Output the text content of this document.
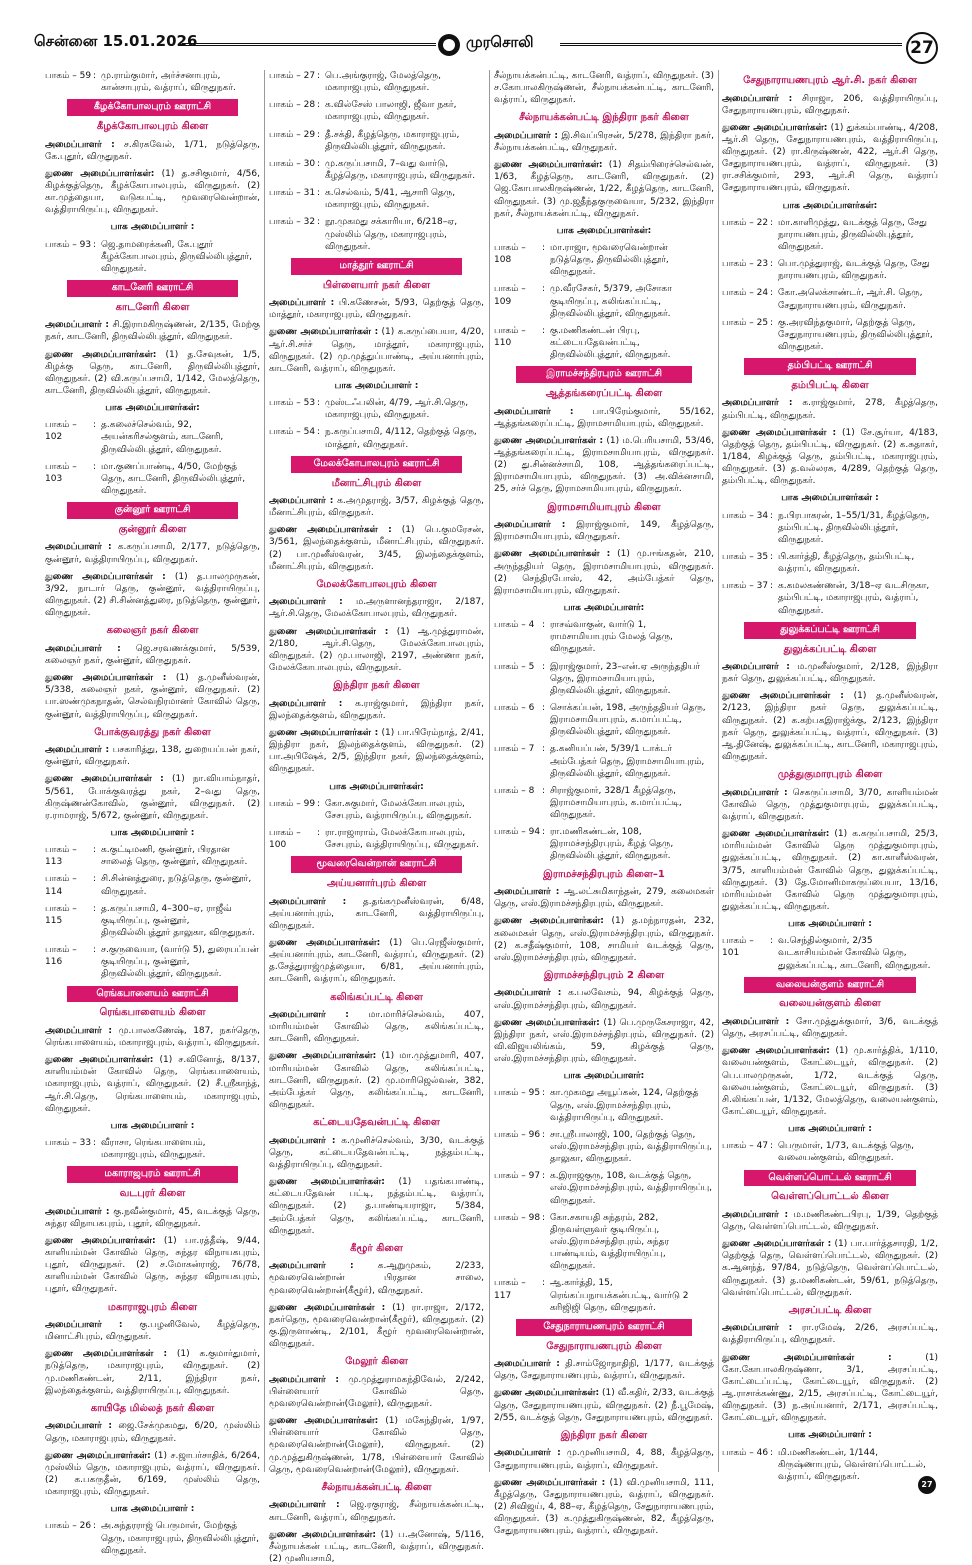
சென்னை 15.01.2026	முரசொலி	27
பாகம் – 59 : மு.ராம்குமார், அர்ச்சனாபுரம், கான்சாபுரம், வத்ராப், விருதுநகர்.
கீழக்கோபாலபுரம் ஊராட்சி
கீழக்கோபாலபுரம் கிளை
அமைப்பாளர் : ச.கிரகவேல், 1/71, நடுத்தெரு, கே.புதூர், விருதுநகர்.
துணை அமைப்பாளர்கள்: (1) த.சசிகுமார், 4/56, கிழக்குத்தெரு, கீழக்கோபாலபுரம், விருதுநகர். (2) கா.முத்தையா, வடுகபட்டி, மூவரைவென்றான், வத்திராயிருப்பு, விருதுநகர்.
பாக அமைப்பாளர் :
பாகம் – 93 : ஜெ.தாமரைக்கனி, கே.புதூர் கீழக்கோபாலபுரம், திருவில்லிபுத்தூர், விருதுநகர்.
காடனேரி ஊராட்சி
காடனேரி கிளை
அமைப்பாளர் : சி.இராமகிருஷ்ணன், 2/135, மேற்கு நகர், காடனேரி, திருவில்லிபுத்தூர், விருதுநகர்.
துணை அமைப்பாளர்கள்: (1) த.சேவுகன், 1/5, கிழக்கு தெரு, காடனேரி, திருவில்லிபுத்தூர், விருதுநகர். (2) வி.கருப்பசாமி, 1/142, மேலத்தெரு, காடனேரி, திருவில்லிபுத்தூர், விருதுநகர்.
பாக அமைப்பாளர்கள்:
பாகம் – 102
: த.கலைச்செல்வம், 92, அயன்கரிசல்குளம், காடனேரி, திருவில்லிபுத்தூர், விருதுநகர்.
பாகம் – 103
: மா.குணப்பாண்டி, 4/50, மேற்குத் தெரு, காடனேரி, திருவில்லிபுத்தூர், விருதுநகர்.
குன்னூர் ஊராட்சி
குன்னூர் கிளை
அமைப்பாளர் : க.கருப்பசாமி, 2/177, நடுத்தெரு, குன்னூர், வத்திராயிருப்பு, விருதுநகர்.
துணை அமைப்பாளர்கள் : (1) த.பாலமுருகன், 3/92, நாடார் தெரு, குன்னூர், வத்திராயிருப்பு, விருதுநகர். (2) சி.சின்னத்துரை, நடுத்தெரு, குன்னூர், விருதுநகர்.
கலைஞர் நகர் கிளை
அமைப்பாளர் : ஜெ.சரவணக்குமார், 5/539, கலைஞர் நகர், குன்னூர், விருதுநகர்.
துணை அமைப்பாளர்கள் : (1) த.முனீஸ்வரன், 5/338, கலைஞர் நகர், குன்னூர், விருதுநகர். (2) பா.ஸண்முகநாதன், செல்வநிரமானர் கோவில் தெரு, குன்னூர், வத்திராயிருப்பு, விருதுநகர்.
போக்குவரத்து நகர் கிளை
அமைப்பாளர் : பசகாரித்து, 138, துறையப்பன் நகர், குன்னூர், விருதுநகர்.
துணை அமைப்பாளர்கள் : (1) நா.வியாம்நாதர், 5/561, போக்குவரத்து நகர், 2–வது தெரு, கிருஷ்ணன்கோவில், குன்னூர், விருதுநகர். (2) ர.ராமராஜ், 5/672, குன்னூர், விருதுநகர்.
பாக அமைப்பாளர் :
பாகம் – 113
: க.குட்டிமணி, குன்னூர், பிரதான சாலைத் தெரு, குன்னூர், விருதுநகர்.
பாகம் – 114
: சி.சின்னத்துரை, நடுத்தெரு, குன்னூர், விருதுநகர்.
பாகம் – 115
: த.கருப்பசாமி, 4–300–ஏ, ராஜீவ் குடியிருப்பு, குன்னூர், திருவில்லிபுத்தூர் தாலுகா, விருதுநகர்.
பாகம் – 116
: ச.குருவையா, (வார்டு 5), துரையப்பன் குடியிருப்பு, குன்னூர், திருவில்லிபுத்தூர், விருதுநகர்.
ரெங்கபாளையம் ஊராட்சி
ரெங்கபாளையம் கிளை
அமைப்பாளர் : மு.பாலகணேஷ், 187, நகர்தெரு, ரெங்கபாளையம், மகாராஜபுரம், வத்ராப், விருதுநகர்.
துணை அமைப்பாளர்கள்: (1) ச.வினோத், 8/137, காளியம்மன் கோவில் தெரு, ரெங்கபாளையம், மகாராஜபுரம், வத்ராப், விருதுநகர். (2) சீ.ஸ்ரீகாந்த், ஆர்.சி.தெரு, ரெங்கபாளையம், மகாராஜபுரம், விருதுநகர்.
பாக அமைப்பாளர் :
பாகம் – 33 : வீராசா, ரெங்கபாளையம், மகாராஜபுரம், விருதுநகர்.
மகாராஜபுரம் ஊராட்சி
வடபுரர் கிளை
அமைப்பாளர் : கு.நவீன்குமார், 45, வடக்குத் தெரு, சுந்தர விநாயகபுரம், புதூர், விருதுநகர்.
துணை அமைப்பாளர்கள்: (1) பா.ரத்தீஷ், 9/44, காளியம்மன் கோவில் தெரு, சுந்தர விநாயகபுரம், புதூர், விருதுநகர். (2) ச.மோகன்ராஜ், 76/78, காளியம்மன் கோவில் தெரு, சுந்தர விநாயகபுரம், புதூர், விருதுநகர்.
மகாராஜபுரம் கிளை
அமைப்பாளர் : கு.பழனிவேல், கீழத்தெரு, மினாட்சிபுரம், விருதுநகர்.
துணை அமைப்பாளர்கள் : (1) க.குமார்துமார், நடுத்தெரு, மகாராஜபுரம், விருதுநகர். (2) மு.மணிகண்டன், 2/11, இந்திரா நகர், இலந்தைக்குளம், வத்திராயிருப்பு, விருதுநகர்.
காயிதே மில்லத் நகர் கிளை
அமைப்பாளர் : ஜை.சேக்முகமது, 6/20, முஸ்லிம் தெரு, மகாராஜபுரம், விருதுநகர்.
துணை அமைப்பாளர்கள்: (1) ச.ஜாபர்சாதிக், 6/264, முஸ்லிம் தெரு, மகாராஜபுரம், வத்ராப், விருதுநகர். (2) க.பகருதீன், 6/169, முஸ்லிம் தெரு, மகாராஜபுரம், விருதுநகர்.
பாக அமைப்பாளர் :
பாகம் – 26 : அ.சுந்தரராஜ் பெருமாள், மேற்குத் தெரு, மகாராஜபுரம், திருவில்லிபுத்தூர், விருதுநகர்.
பாகம் – 27 : பெ.அங்குராஜ், மேலத்தெரு, மகாராஜபுரம், விருதுநகர்.
பாகம் – 28 : க.வில்சேஸ் பாலாஜி, ஜீவா நகர், மகாராஜபுரம், விருதுநகர்.
பாகம் – 29 : தீ.சக்தி, கீழத்தெரு, மகாராஜபுரம், திருவில்லிபுத்தூர், விருதுநகர்.
பாகம் – 30 : மு.கருப்பசாமி, 7–வது வார்டு, கீழத்தெரு, மகாராஜபுரம், விருதுநகர்.
பாகம் – 31 : க.செல்வம், 5/41, ஆசாரி தெரு, மகாராஜபுரம், விருதுநகர்.
பாகம் – 32 : நூ.முகமது சக்காரியா, 6/218–ஏ, முஸ்லிம் தெரு, மகாராஜபுரம், விருதுநகர்.
மாத்தூர் ஊராட்சி
பிள்ளையார் நகர் கிளை
அமைப்பாளர் : பி.கணேசன், 5/93, தெற்குத் தெரு, மாத்தூர், மகாராஜபுரம், விருதுநகர்.
துணை அமைப்பாளர்கள் : (1) க.கருப்பையா, 4/20, ஆர்.சி.சர்ச் தெரு, மாத்தூர், மகாராஜபுரம், விருதுநகர். (2) மு.முத்துப்பாண்டி, அய்யனார்புரம், காடனேரி, வத்ராப், விருதுநகர்.
பாக அமைப்பாளர் :
பாகம் – 53 : முஸ்டஃபலின், 4/79, ஆர்.சி.தெரு, மகாராஜபுரம், விருதுநகர்.
பாகம் – 54 : ந.கருப்பசாமி, 4/112, தெற்குத் தெரு, மாத்தூர், விருதுநகர்.
மேலக்கோபாலபுரம் ஊராட்சி
மீனாட்சிபுரம் கிளை
அமைப்பாளர் : க.அமுதராஜ், 3/57, கிழக்குத் தெரு, மீனாட்சிபுரம், விருதுநகர்.
துணை அமைப்பாளர்கள் : (1) பெ.குமரேசன், 3/561, இலந்தைக்குளம், மீனாட்சிபுரம், விருதுநகர். (2) பா.முனீஸ்வரன், 3/45, இலந்தைக்குளம், மீனாட்சிபுரம், விருதுநகர்.
மேலக்கோபாலபுரம் கிளை
அமைப்பாளர் : ம.அருளானந்தராஜா, 2/187, ஆர்.சி.தெரு, மேலக்கோபாலபுரம், விருதுநகர்.
துணை அமைப்பாளர்கள் : (1) ஆ.முத்துராமன், 2/180, ஆர்.சி.தெரு, மேலக்கோபாலபுரம், விருதுநகர். (2) மு.பாலாஜி, 2197, அண்ணா நகர், மேலக்கோபாலபுரம், விருதுநகர்.
இந்திரா நகர் கிளை
அமைப்பாளர் : க.ராஜ்குமார், இந்திரா நகர், இலந்தைக்குளம், விருதுநகர்.
துணை அமைப்பாளர்கள் : (1) பா.பிரேம்நாத், 2/41, இந்திரா நகர், இலந்தைக்குளம், விருதுநகர். (2) பா.அபிஷேக், 2/5, இந்திரா நகர், இலந்தைக்குளம், விருதுநகர்.
பாக அமைப்பாளர்கள்:
பாகம் – 99 : கோ.சுகுமார், மேலக்கோபாலபுரம், சேசபுரம், வத்ராயிருப்பு, விருதுநகர்.
பாகம் – 100
: ரா.ராஜாராம், மேலக்கோபாலபுரம், சேசபுரம், வத்திராயிருப்பு, விருதுநகர்.
மூவரைவென்றான் ஊராட்சி
அய்யனார்புரம் கிளை
அமைப்பாளர் : த.தங்கமுனீஸ்வரன், 6/48, அய்யனார்புரம், காடனேரி, வத்திராயிருப்பு, விருதுநகர்.
துணை அமைப்பாளர்கள்: (1) பெ.ரெஜீஸ்குமார், அய்யனார்புரம், காடனேரி, வத்ராப், விருதுநகர். (2) த.சேத்துராஜ்முத்தையா, 6/81, அய்யனார்புரம், காடனேரி, வத்ராப், விருதுநகர்.
கலிங்கப்பட்டி கிளை
அமைப்பாளர் : மா.மாரிச்செல்வம், 407, மாரியம்மன் கோவில் தெரு, கலிங்கப்பட்டி, காடனேரி, விருதுநகர்.
துணை அமைப்பாளர்கள்: (1) மா.முத்துமாரி, 407, மாரியம்மன் கோவில் தெரு, கலிங்கப்பட்டி, காடனேரி, விருதுநகர். (2) மு.மாரிஜெல்வன், 382, அம்பேத்கர் தெரு, கலிங்கப்பட்டி, காடனேரி, விருதுநகர்.
கட்டையதேவன்பட்டி கிளை
அமைப்பாளர் : க.முனிச்செல்வம், 3/30, வடக்குத் தெரு, கட்டையதேவன்பட்டி, நத்தம்பட்டி, வத்திராயிருப்பு, விருதுநகர்.
துணை அமைப்பாளர்கள்: (1) பதங்கபாண்டி, கட்டையதேவன் பட்டி, நத்தம்பட்டி, வத்ராப், விருதுநகர். (2) த.பாண்டியராஜா, 5/384, அம்பேத்கர் தெரு, கலிங்கப்பட்டி, காடனேரி, விருதுநகர்.
கீழூர் கிளை
அமைப்பாளர் :	க.ஆறுமுகம், 2/233, மூவரைவென்றான் பிரதான சாலை, மூவரைவென்றான்(கீழூர்), விருதுநகர்.
துணை அமைப்பாளர்கள் : (1) ரா.ராஜா, 2/172, நகர்தெரு, மூவரைவென்றான்(கீழூர்), விருதுநகர். (2) கு.இருளாண்டி, 2/101, கீழூர் மூவரைவென்றான், விருதுநகர்.
மேலூர் கிளை
அமைப்பாளர் : மு.முத்துராமகந்திவேல், 2/242, பிள்ளையார் கோவில் தெரு, மூவரைவென்றான்(மேலூர்), விருதுநகர்.
துணை அமைப்பாளர்கள்: (1) மகேந்திரன், 1/97, பிள்ளையார் கோவில் தெரு, மூவரைவென்றான்(மேலூர்), விருதுநகர். (2) மு.முத்துகிருஷ்ணன், 1/78, பிள்ளையார் கோவில் தெரு, மூவரைவென்றான்(மேலூர்), விருதுநகர்.
சீல்நாயக்கன்பட்டி கிளை
அமைப்பாளர் : ஜெ.ரகுராஜ், சீல்நாயக்கன்பட்டி, காடனேரி, வத்ராப், விருதுநகர்.
துணை அமைப்பாளர்கள்: (1) ப.அனோஷ், 5/116, சீல்நாயக்கன் பட்டி, காடனேரி, வத்ராப், விருதுநகர். (2) முனியசாமி,
சீல்நாயக்கன்பட்டி, காடனேரி, வத்ராப், விருதுநகர். (3) ச.கோபாலகிருஷ்ணன், சீல்நாயக்கன்பட்டி, காடனேரி, வத்ராப், விருதுநகர்.
சீல்நாயக்கன்பட்டி இந்திரா நகர் கிளை
அமைப்பாளர் : இ.சிவப்பிரசன், 5/278, இந்திரா நகர், சீல்நாயக்கன்பட்டி, விருதுநகர்.
துணை அமைப்பாளர்கள்: (1) சிதம்பிரைச்செல்வன், 1/63, கீழத்தெரு, காடனேரி, விருதுநகர். (2) ஜெ.கோபாலகிருஷ்ணன், 1/22, கீழத்தெரு, காடனேரி, விருதுநகர். (3) மு.ஜதீந்தகுருவையா, 5/232, இந்திரா நகர், சீல்நாயக்கன்பட்டி, விருதுநகர்.
பாக அமைப்பாளர்கள்:
பாகம் – 108
: மா.ராஜா, மூவரைவென்றான் நடுத்தெரு, திருவில்லிபுத்தூர், விருதுநகர்.
பாகம் – 109
: மு.வீரசேகர், 5/379, அசோகா குடியிருப்பு, கலிங்கப்பட்டி, திருவில்லிபுத்தூர், விருதுநகர்.
பாகம் – 110
: கு.மணிகண்டன் பிரபு, கட்டையதேவன்பட்டி, திருவில்லிபுத்தூர், விருதுநகர்.
இராமச்சந்திரபுரம் ஊராட்சி
ஆத்தங்கரைப்பட்டி கிளை
அமைப்பாளர் : பா.பிரேம்குமார், 55/162, ஆத்தங்கரைப்பட்டி, இராமசாமியாபுரம், விருதுநகர்.
துணை அமைப்பாளர்கள் : (1) ம.பெரியசாமி, 53/46, ஆத்தங்கரைப்பட்டி, இராமசாமியாபுரம், விருதுநகர். (2) து.சின்னச்சாமி, 108, ஆத்தங்கரைப்பட்டி, இராமசாமியாபுரம், விருதுநகர். (3) அ.விக்னசாமி, 25, சர்ச் தெரு, இராமசாமியாபுரம், விருதுநகர்.
இராமசாமியாபுரம் கிளை
அமைப்பாளர் : இராஜ்குமார், 149, கீழத்தெரு, இராமசாமியாபுரம், விருதுநகர்.
துணை அமைப்பாளர்கள் : (1) மு.ஈங்கதன், 210, அருந்ததியர் தெரு, இராமசாமியாபுரம், விருதுநகர். (2) செந்திரபோஸ், 42, அம்பேத்கர் தெரு, இராமசாமியாபுரம், விருதுநகர்.
பாக அமைப்பாளர்:
பாகம் – 4 : ராசவ்வாகுன், வார்டு 1, ராமசாமியாபுரம் மேலத் தெரு, விருதுநகர்.
பாகம் – 5 : இராஜ்குமார், 23–என்.ஏ அருந்ததியர் தெரு, இராமசாமியாபுரம், திருவில்லிபுத்தூர், விருதுநகர்.
பாகம் – 6 : சொக்கப்பன், 198, அருந்ததியர் தெரு, இராமசாமியாபுரம், க.மாப்பட்டி, திருவில்லிபுத்தூர், விருதுநகர்.
பாகம் – 7 : த.கனியப்பன், 5/39/1 டாக்டர் அம்பேத்கர் தெரு, இராமசாமியாபுரம், திருவில்லிபுத்தூர், விருதுநகர்.
பாகம் – 8 : சிராஜ்குமார், 328/1 கீழத்தெரு, இராமசாமியாபுரம், க.மாப்பட்டி, விருதுநகர்.
பாகம் – 94 : ரா.மணிகண்டன், 108, இராமச்சந்திரபுரம், கீழத் தெரு, திருவில்லிபுத்தூர், விருதுநகர்.
இராமச்சந்திரபுரம் கிளை–1
அமைப்பாளர் : ஆ.லட்சுமிகாந்தன், 279, கலைமகள் தெரு, எஸ்.இராமச்சந்திரபுரம், விருதுநகர்.
துணை அமைப்பாளர்கள்: (1) த.மந்நாரதன், 232, கலைமகள் தெரு, எஸ்.இராமச்சந்திரபுரம், விருதுநகர். (2) க.சதீஷ்குமார், 108, சாமியர் வடக்குத் தெரு, எஸ்.இராமச்சந்திரபுரம், விருதுநகர்.
இராமச்சந்திரபுரம் 2 கிளை
அமைப்பாளர் : க.பலவேசம், 94, கிழக்குத் தெரு, எஸ்.இராமச்சந்திரபுரம், விருதுநகர்.
துணை அமைப்பாளர்கள்: (1) பெ.முருகேசராஜா, 42, இந்திரா நகர், எஸ்.இராமச்சந்திரபுரம், விருதுநகர். (2) வி.விஜயலிங்கம், 59, கிழக்குத் தெரு, எஸ்.இராமச்சந்திரபுரம், விருதுநகர்.
பாக அமைப்பாளர்:
பாகம் – 95 : கா.முகமது அயூப்கன், 124, தெற்குத் தெரு, எஸ்.இராமச்சந்திரபுரம், வத்திராயிருப்பு, விருதுநகர்.
பாகம் – 96 : சா.ஸ்ரீபாலாஜி, 100, தெற்குத் தெரு, எஸ்.இராமச்சந்திரபுரம், வத்திராயிருப்பு, தாலுகா, விருதுநகர்.
பாகம் – 97 : க.இராஜகுரு, 108, வடக்குத் தெரு, எஸ்.இராமச்சந்திரபுரம், வத்திராயிருப்பு, விருதுநகர்.
பாகம் – 98 : கோ.சகாயதி சுந்தரம், 282, திருவள்ளுவர் குடியிருப்பு, எஸ்.இராமச்சந்திரபுரம், சுந்தர பாண்டியம், வத்திராயிருப்பு, விருதுநகர்.
பாகம் – 117
: ஆ.கார்த்தி, 15, ரெங்கப்பநாயக்கன்பட்டி, வார்டு 2 கரிஜிஜி தெரு, விருதுநகர்.
சேதுநாராயணபுரம் ஊராட்சி
சேதுநாராயணபுரம் கிளை
அமைப்பாளர் : தி.சாம்ஜோநாதிநி, 1/177, வடக்குத் தெரு, சேதுநாராயணபுரம், வத்ராப், விருதுநகர்.
துணை அமைப்பாளர்கள்: (1) வீ.கதிர், 2/33, வடக்குத் தெரு, சேதுநாராயணபுரம், விருதுநகர். (2) நீ.பூமேஷ், 2/55, வடக்குத் தெரு, சேதுநாராயணபுரம், விருதுநகர்.
இந்திரா நகர் கிளை
அமைப்பாளர் : மு.முனியசாமி, 4, 88, கீழத்தெரு, சேதுநாராயணபுரம், வத்ராப், விருதுநகர்.
துணை அமைப்பாளர்கள் : (1) வி.முனியசாமி, 111, கீழத்தெரு, சேதுநாராயணபுரம், வத்ராப், விருதுநகர். (2) சிவிஜய், 4, 88–ஏ, கீழத்தெரு, சேதுநாராயணபுரம், விருதுநகர். (3) க.முத்துகிருஷ்ணன், 82, கீழத்தெரு, சேதுநாராயணபுரம், வத்ராப், விருதுநகர்.
சேதுநாராயணபுரம் ஆர்.சி. நகர் கிளை
அமைப்பாளர் : சிராஜா, 206, வத்திராயிருப்பு, சேதுநாராயணபுரம், விருதுநகர்.
துணை அமைப்பாளர்கள்: (1) துக்கம்பாண்டி, 4/208, ஆர்.சி தெரு, சேதுநாராயணபுரம், வத்திராயிருப்பு, விருதுநகர். (2) ரா.கிருஷ்ணன், 422, ஆர்.சி தெரு, சேதுநாராயணபுரம், வத்ராப், விருதுநகர். (3) ரா.சசிக்குமார், 293, ஆர்.சி தெரு, வத்ராப் சேதுநாராயணபுரம், விருதுநகர்.
பாக அமைப்பாளர்கள்:
பாகம் – 22 : மா.காளிமுத்து, வடக்குத் தெரு, சேது நாராயணபுரம், திருவில்லிபுத்தூர், விருதுநகர்.
பாகம் – 23 : பொ.முத்துராஜ், வடக்குத் தெரு, சேது நாராயணபுரம், விருதுநகர்.
பாகம் – 24 : கோ.அலெக்சாண்டர், ஆர்.சி. தெரு, சேதுநாராயணபுரம், விருதுநகர்.
பாகம் – 25 : கு.அரவிந்தகுமார், தெற்குத் தெரு, சேதுநாராயணபுரம், திருவில்லிபுத்தூர், விருதுநகர்.
தம்பிபட்டி ஊராட்சி
தம்பிபட்டி கிளை
அமைப்பாளர் : க.ராஜ்குமார், 278, கீழத்தெரு, தம்பிபட்டி, விருதுநகர்.
துணை அமைப்பாளர்கள் : (1) சே.சூர்யா, 4/183, தெற்குத் தெரு, தம்பிபட்டி, விருதுநகர். (2) க.சுதாகர், 1/184, கிழக்குத் தெரு, தம்பிபட்டி, மகாராஜபுரம், விருதுநகர். (3) த.வல்லரசு, 4/289, தெற்குத் தெரு, தம்பிபட்டி, விருதுநகர்.
பாக அமைப்பாளர்கள் :
பாகம் – 34 : ந.பிரபாகரன், 1–55/1/31, கீழத்தெரு, தம்பிபட்டி, திருவில்லிபுத்தூர், விருதுநகர்.
பாகம் – 35 : பி.கார்த்தி, கீழத்தெரு, தம்பிபட்டி, வத்ராப், விருதுநகர்.
பாகம் – 37 : க.கமலகண்ணன், 3/18–ஏ வடசிருகா, தம்பிபட்டி, மகாராஜபுரம், வத்ராப், விருதுநகர்.
துலுக்கப்பட்டி ஊராட்சி
துலுக்கப்பட்டி கிளை
அமைப்பாளர் : ம.முனீஸ்குமார், 2/128, இந்திரா நகர் தெரு, துலுக்கப்பட்டி, விருதுநகர்.
துணை அமைப்பாளர்கள் : (1) த.முனீஸ்வரன், 2/123, இந்திரா நகர் தெரு, துலுக்கப்பட்டி, விருதுநகர். (2) க.கற்பகஇராஜ்க்கு, 2/123, இந்திரா நகர் தெரு, துலுக்கப்பட்டி, வத்ராப், விருதுநகர். (3) ஆ.தினேஷ், துலுக்கப்பட்டி, காடனேரி, மகாராஜபுரம், விருதுநகர்.
முத்துகுமாரபுரம் கிளை
அமைப்பாளர் : செகருப்பசாமி, 3/70, காளியம்மன் கோவில் தெரு, முத்துகுமாரபுரம், துலுக்கப்பட்டி, வத்ராப், விருதுநகர்.
துணை அமைப்பாளர்கள்: (1) க.கருப்பசாமி, 25/3, மாரியம்மன் கோவில் தெரு முத்துகுமாரபுரம், துலுக்கப்பட்டி, விருதுநகர். (2) கா.காளீஸ்வரன், 3/75, காளியம்மன் கோவில் தெரு, துலுக்கப்பட்டி, விருதுநகர். (3) தே.மோனிமாகருப்பையா, 13/16, மாரியம்மன் கோவில் தெரு முத்துகுமாரபுரம், துலுக்கப்பட்டி, விருதுநகர்.
பாக அமைப்பாளர் :
பாகம் – 101
: வ.செந்தில்குமார், 2/35 வடகாசியம்மன் கோவில் தெரு, துலுக்கப்பட்டி, காடனேரி, விருதுநகர்.
வலையன்குளம் ஊராட்சி
வலையன்குளம் கிளை
அமைப்பாளர் : சோ.முத்துக்குமார், 3/6, வடக்குத் தெரு, அரசப்பட்டி, விருதுநகர்.
துணை அமைப்பாளர்கள்: (1) மு.கார்த்திக், 1/110, வலையன்குளம், கோட்டையூர், விருதுநகர். (2) பெ.பாலமுருகன், 1/72, வடக்குத் தெரு, வலையன்குளம், கோட்டையூர், விருதுநகர். (3) சி.லிங்கப்பன், 1/132, மேலத்தெரு, வலையன்குளம், கோட்டையூர், விருதுநகர்.
பாக அமைப்பாளர் :
பாகம் – 47 : பெருமாள், 1/73, வடக்குத் தெரு, வலையன்குளம், விருதுநகர்.
வெள்ளப்பொட்டல் ஊராட்சி
வெள்ளப்பொட்டல் கிளை
அமைப்பாளர் : ம.மணிகண்டபிரபு, 1/39, தெற்குத் தெரு, வெள்ளப்பொட்டல், விருதுநகர்.
துணை அமைப்பாளர்கள் : (1) பா.பார்த்தசாரதி, 1/2, தெற்குத் தெரு, வெள்ளப்பொட்டல், விருதுநகர். (2) க.ஆனந்த், 97/84, நடுத்தெரு, வெள்ளப்பொட்டல், விருதுநகர். (3) த.மணிகண்டன், 59/61, நடுத்தெரு, வெள்ளப்பொட்டல், விருதுநகர்.
அரசப்பட்டி கிளை
அமைப்பாளர் : ரா.ரமேஷ், 2/26, அரசப்பட்டி, வத்திராயிருப்பு, விருதுநகர்.
துணை அமைப்பாளர்கள் :	(1) கோ.கோபாலகிருஷ்ணா, 3/1, அரசப்பட்டி, கோட்டைப்பட்டி, கோட்டையூர், விருதுநகர். (2) ஆ.ராசாக்கண்ணு, 2/15, அரசப்பட்டி, கோட்டையூர், விருதுநகர். (3) ந.அய்யனார், 2/171, அரசப்பட்டி, கோட்டையூர், விருதுநகர்.
பாக அமைப்பாளர் :
பாகம் – 46 : மி.மணிகண்டன், 1/144, கிருஷ்ணாபுரம், வெள்ளப்பொட்டல், வத்ராப், விருதுநகர்.
27
